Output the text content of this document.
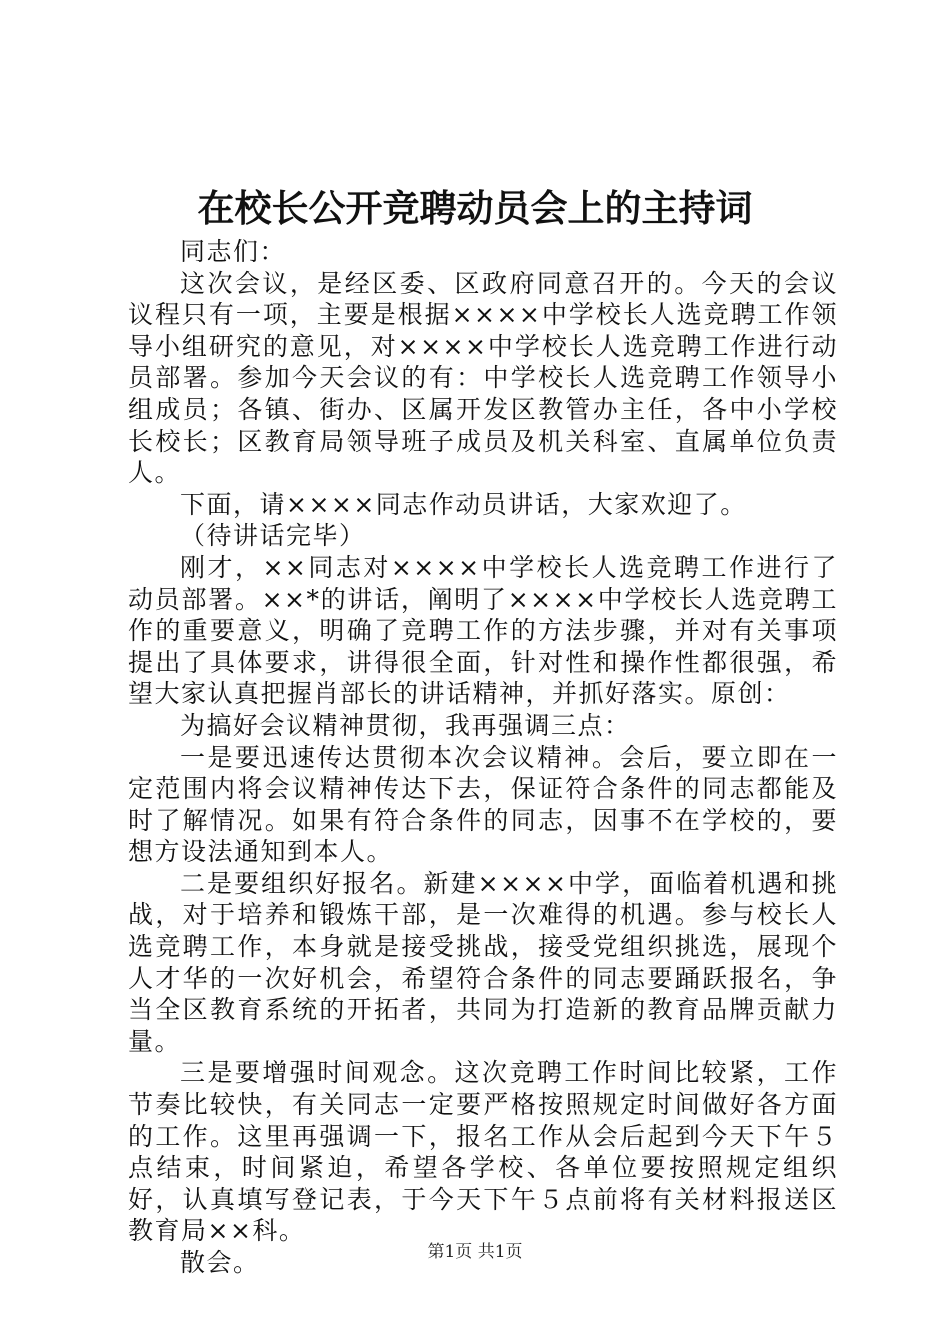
在校长公开竞聘动员会上的主持词

同志们：

这次会议，是经区委、区政府同意召开的。今天的会议议程只有一项，主要是根据××××中学校长人选竞聘工作领导小组研究的意见，对××××中学校长人选竞聘工作进行动员部署。参加今天会议的有：中学校长人选竞聘工作领导小组成员；各镇、街办、区属开发区教管办主任，各中小学校长校长；区教育局领导班子成员及机关科室、直属单位负责人。

下面，请××××同志作动员讲话，大家欢迎了。

（待讲话完毕）

刚才，××同志对××××中学校长人选竞聘工作进行了动员部署。××*的讲话，阐明了××××中学校长人选竞聘工作的重要意义，明确了竞聘工作的方法步骤，并对有关事项提出了具体要求，讲得很全面，针对性和操作性都很强，希望大家认真把握肖部长的讲话精神，并抓好落实。原创：

为搞好会议精神贯彻，我再强调三点：

一是要迅速传达贯彻本次会议精神。会后，要立即在一定范围内将会议精神传达下去，保证符合条件的同志都能及时了解情况。如果有符合条件的同志，因事不在学校的，要想方设法通知到本人。

二是要组织好报名。新建××××中学，面临着机遇和挑战，对于培养和锻炼干部，是一次难得的机遇。参与校长人选竞聘工作，本身就是接受挑战，接受党组织挑选，展现个人才华的一次好机会，希望符合条件的同志要踊跃报名，争当全区教育系统的开拓者，共同为打造新的教育品牌贡献力量。

三是要增强时间观念。这次竞聘工作时间比较紧，工作节奏比较快，有关同志一定要严格按照规定时间做好各方面的工作。这里再强调一下，报名工作从会后起到今天下午５点结束，时间紧迫，希望各学校、各单位要按照规定组织好，认真填写登记表，于今天下午５点前将有关材料报送区教育局××科。

散会。	第1页 共1页
